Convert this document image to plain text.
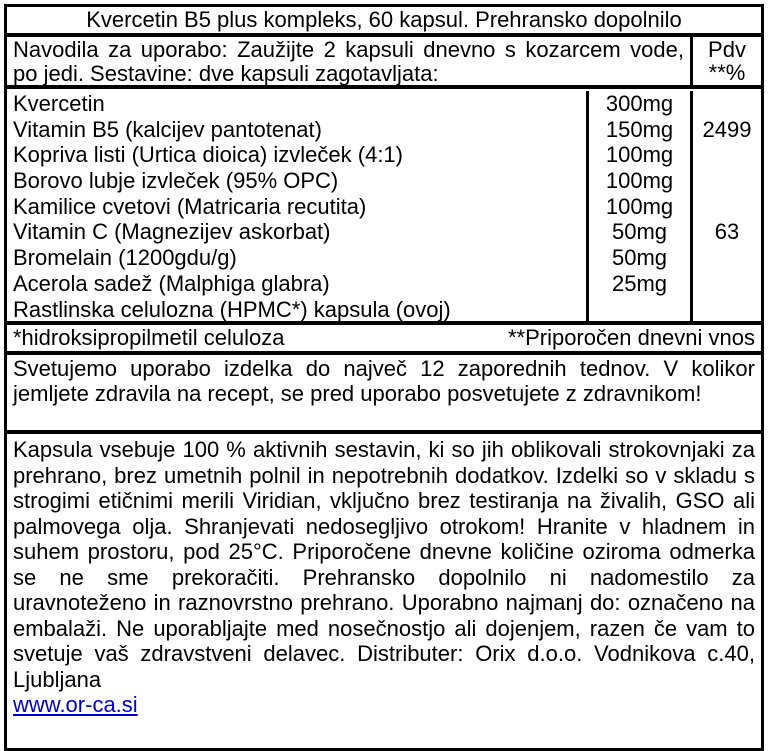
Kvercetin B5 plus kompleks, 60 kapsul. Prehransko dopolnilo
Navodila za uporabo: Zaužijte 2 kapsuli dnevno s kozarcem vode, po jedi. Sestavine: dve kapsuli zagotavljata:
Pdv
**%
Kvercetin	300mg
Vitamin B5 (kalcijev pantotenat)	150mg	2499
Kopriva listi (Urtica dioica) izvleček (4:1)	100mg
Borovo lubje izvleček (95% OPC)	100mg
Kamilice cvetovi (Matricaria recutita)	100mg
Vitamin C (Magnezijev askorbat)	50mg	63
Bromelain (1200gdu/g)	50mg
Acerola sadež (Malphiga glabra)	25mg
Rastlinska celulozna (HPMC*) kapsula (ovoj)
*hidroksipropilmetil celuloza	**Priporočen dnevni vnos
Svetujemo uporabo izdelka do največ 12 zaporednih tednov. V kolikor jemljete zdravila na recept, se pred uporabo posvetujete z zdravnikom!
Kapsula vsebuje 100 % aktivnih sestavin, ki so jih oblikovali strokovnjaki za prehrano, brez umetnih polnil in nepotrebnih dodatkov. Izdelki so v skladu s strogimi etičnimi merili Viridian, vključno brez testiranja na živalih, GSO ali palmovega olja. Shranjevati nedosegljivo otrokom! Hranite v hladnem in suhem prostoru, pod 25°C. Priporočene dnevne količine oziroma odmerka se ne sme prekoračiti. Prehransko dopolnilo ni nadomestilo za uravnoteženo in raznovrstno prehrano. Uporabno najmanj do: označeno na embalaži. Ne uporabljajte med nosečnostjo ali dojenjem, razen če vam to svetuje vaš zdravstveni delavec. Distributer: Orix d.o.o. Vodnikova c.40, Ljubljana
www.or-ca.si
